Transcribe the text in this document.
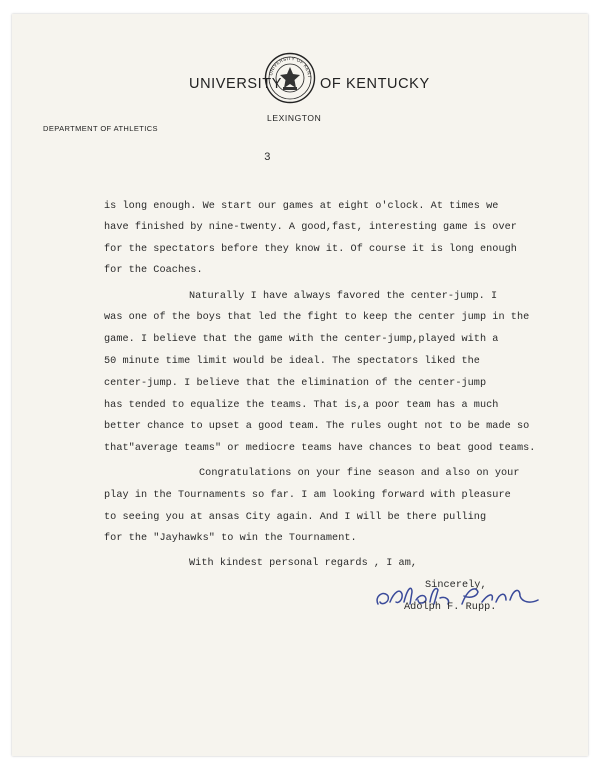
UNIVERSITY
UNIVERSITY OF KENT OF KENTUCKY
LEXINGTON
DEPARTMENT OF ATHLETICS
3
is long enough. We start our games at eight o'clock. At times we
have finished by nine-twenty. A good,fast, interesting game is over
for the spectators before they know it. Of course it is long enough
for the Coaches.
Naturally I have always favored the center-jump. I
was one of the boys that led the fight to keep the center jump in the
game. I believe that the game with the center-jump,played with a
50 minute time limit would be ideal. The spectators liked the
center-jump. I believe that the elimination of the center-jump
has tended to equalize the teams. That is,a poor team has a much
better chance to upset a good team. The rules ought not to be made so
that"average teams" or mediocre teams have chances to beat good teams.
Congratulations on your fine season and also on your
play in the Tournaments so far. I am looking forward with pleasure
to seeing you at ansas City again. And I will be there pulling
for the "Jayhawks" to win the Tournament.
With kindest personal regards , I am,
Sincerely,
Adolph F. Rupp.
